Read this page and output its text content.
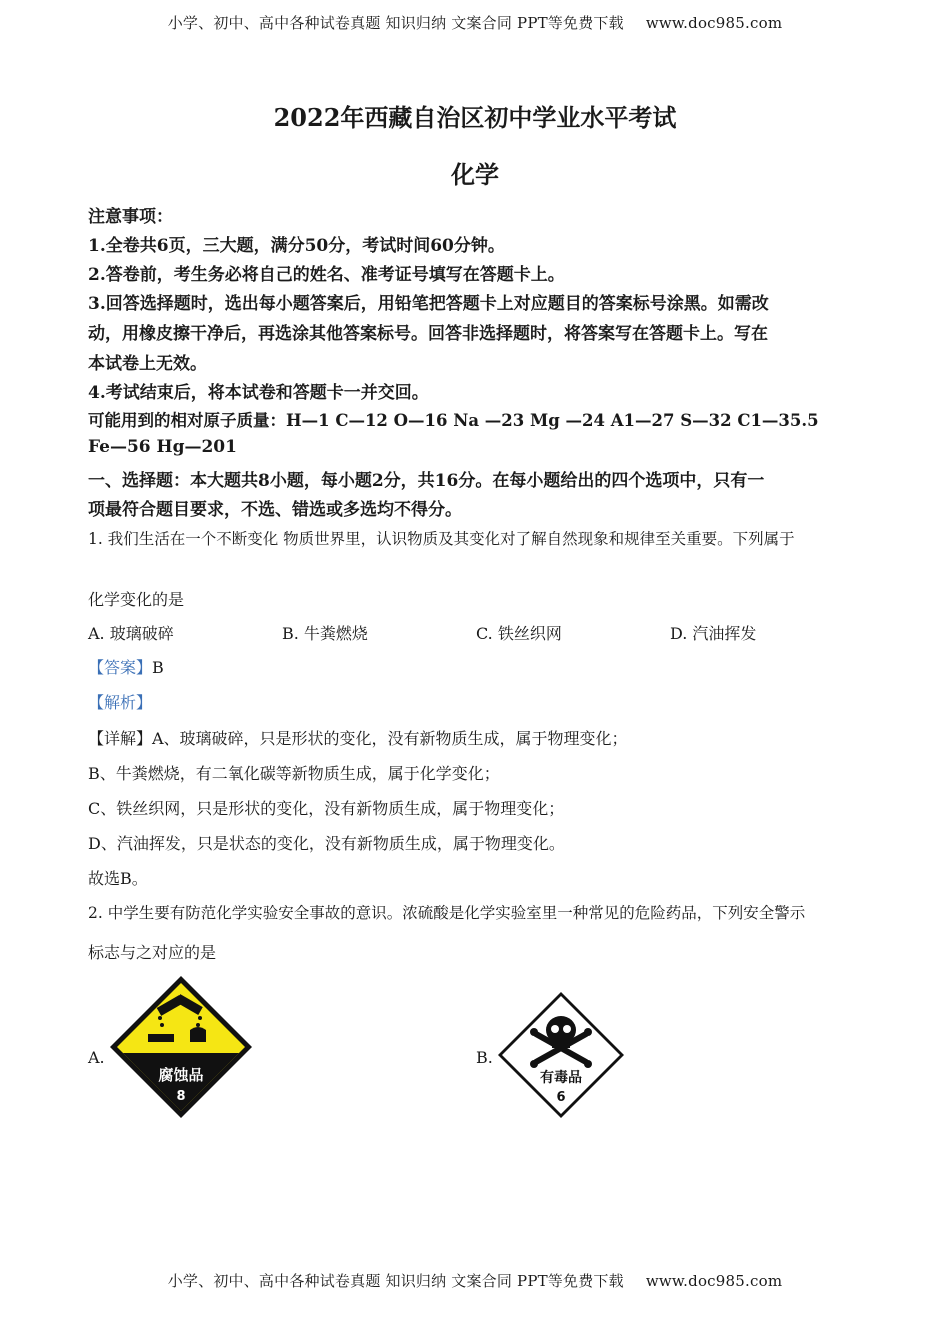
小学、初中、高中各种试卷真题 知识归纳 文案合同 PPT等免费下载 www.doc985.com
2022年西藏自治区初中学业水平考试
化学
注意事项：
1.全卷共6页，三大题，满分50分，考试时间60分钟。
2.答卷前，考生务必将自己的姓名、准考证号填写在答题卡上。
3.回答选择题时，选出每小题答案后，用铅笔把答题卡上对应题目的答案标号涂黑。如需改
动，用橡皮擦干净后，再选涂其他答案标号。回答非选择题时，将答案写在答题卡上。写在
本试卷上无效。
4.考试结束后，将本试卷和答题卡一并交回。
可能用到的相对原子质量：H—1 C—12 O—16 Na —23 Mg —24 A1—27 S—32 C1—35.5
Fe—56 Hg—201
一、选择题：本大题共8小题，每小题2分，共16分。在每小题给出的四个选项中，只有一
项最符合题目要求，不选、错选或多选均不得分。
1. 我们生活在一个不断变化 物质世界里，认识物质及其变化对了解自然现象和规律至关重要。下列属于
化学变化的是
A. 玻璃破碎	B. 牛粪燃烧	C. 铁丝织网	D. 汽油挥发
【答案】B
【解析】
【详解】A、玻璃破碎，只是形状的变化，没有新物质生成，属于物理变化；
B、牛粪燃烧，有二氧化碳等新物质生成，属于化学变化；
C、铁丝织网，只是形状的变化，没有新物质生成，属于物理变化；
D、汽油挥发，只是状态的变化，没有新物质生成，属于物理变化。
故选B。
2. 中学生要有防范化学实验安全事故的意识。浓硫酸是化学实验室里一种常见的危险药品，下列安全警示
标志与之对应的是
A.	B.
腐蚀品
8
有毒品
6
小学、初中、高中各种试卷真题 知识归纳 文案合同 PPT等免费下载 www.doc985.com
